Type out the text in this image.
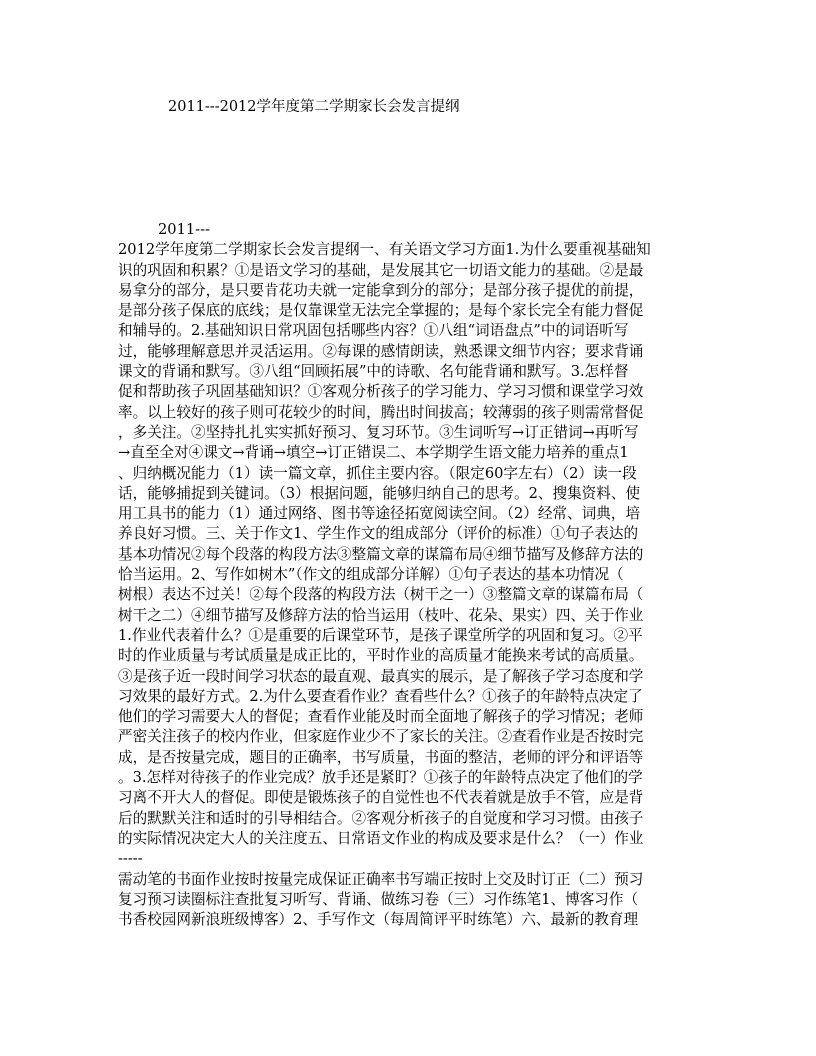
2011---2012学年度第二学期家长会发言提纲
2011---
2012学年度第二学期家长会发言提纲一、有关语文学习方面1.为什么要重视基础知
识的巩固和积累？①是语文学习的基础，是发展其它一切语文能力的基础。②是最
易拿分的部分，是只要肯花功夫就一定能拿到分的部分；是部分孩子提优的前提，
是部分孩子保底的底线；是仅靠课堂无法完全掌握的；是每个家长完全有能力督促
和辅导的。2.基础知识日常巩固包括哪些内容？①八组“词语盘点”中的词语听写
过，能够理解意思并灵活运用。②每课的感情朗读，熟悉课文细节内容；要求背诵
课文的背诵和默写。③八组“回顾拓展”中的诗歌、名句能背诵和默写。3.怎样督
促和帮助孩子巩固基础知识？①客观分析孩子的学习能力、学习习惯和课堂学习效
率。以上较好的孩子则可花较少的时间，腾出时间拔高；较薄弱的孩子则需常督促
，多关注。②坚持扎扎实实抓好预习、复习环节。③生词听写→订正错词→再听写
→直至全对④课文→背诵→填空→订正错误二、本学期学生语文能力培养的重点1
、归纳概况能力（1）读一篇文章，抓住主要内容。（限定60字左右）（2）读一段
话，能够捕捉到关键词。（3）根据问题，能够归纳自己的思考。2、搜集资料、使
用工具书的能力（1）通过网络、图书等途径拓宽阅读空间。（2）经常、词典，培
养良好习惯。三、关于作文1、学生作文的组成部分（评价的标准）①句子表达的
基本功情况②每个段落的构段方法③整篇文章的谋篇布局④细节描写及修辞方法的
恰当运用。2、写作如树木”（作文的组成部分详解）①句子表达的基本功情况（
树根）表达不过关！②每个段落的构段方法（树干之一）③整篇文章的谋篇布局（
树干之二）④细节描写及修辞方法的恰当运用（枝叶、花朵、果实）四、关于作业
1.作业代表着什么？①是重要的后课堂环节，是孩子课堂所学的巩固和复习。②平
时的作业质量与考试质量是成正比的，平时作业的高质量才能换来考试的高质量。
③是孩子近一段时间学习状态的最直观、最真实的展示，是了解孩子学习态度和学
习效果的最好方式。2.为什么要查看作业？查看些什么？①孩子的年龄特点决定了
他们的学习需要大人的督促；查看作业能及时而全面地了解孩子的学习情况；老师
严密关注孩子的校内作业，但家庭作业少不了家长的关注。②查看作业是否按时完
成，是否按量完成，题目的正确率，书写质量，书面的整洁，老师的评分和评语等
。3.怎样对待孩子的作业完成？放手还是紧盯？①孩子的年龄特点决定了他们的学
习离不开大人的督促。即使是锻炼孩子的自觉性也不代表着就是放手不管，应是背
后的默默关注和适时的引导相结合。②客观分析孩子的自觉度和学习习惯。由孩子
的实际情况决定大人的关注度五、日常语文作业的构成及要求是什么？（一）作业
-----
需动笔的书面作业按时按量完成保证正确率书写端正按时上交及时订正（二）预习
复习预习读圈标注查批复习听写、背诵、做练习卷（三）习作练笔1、博客习作（
书香校园网新浪班级博客）2、手写作文（每周简评平时练笔）六、最新的教育理
